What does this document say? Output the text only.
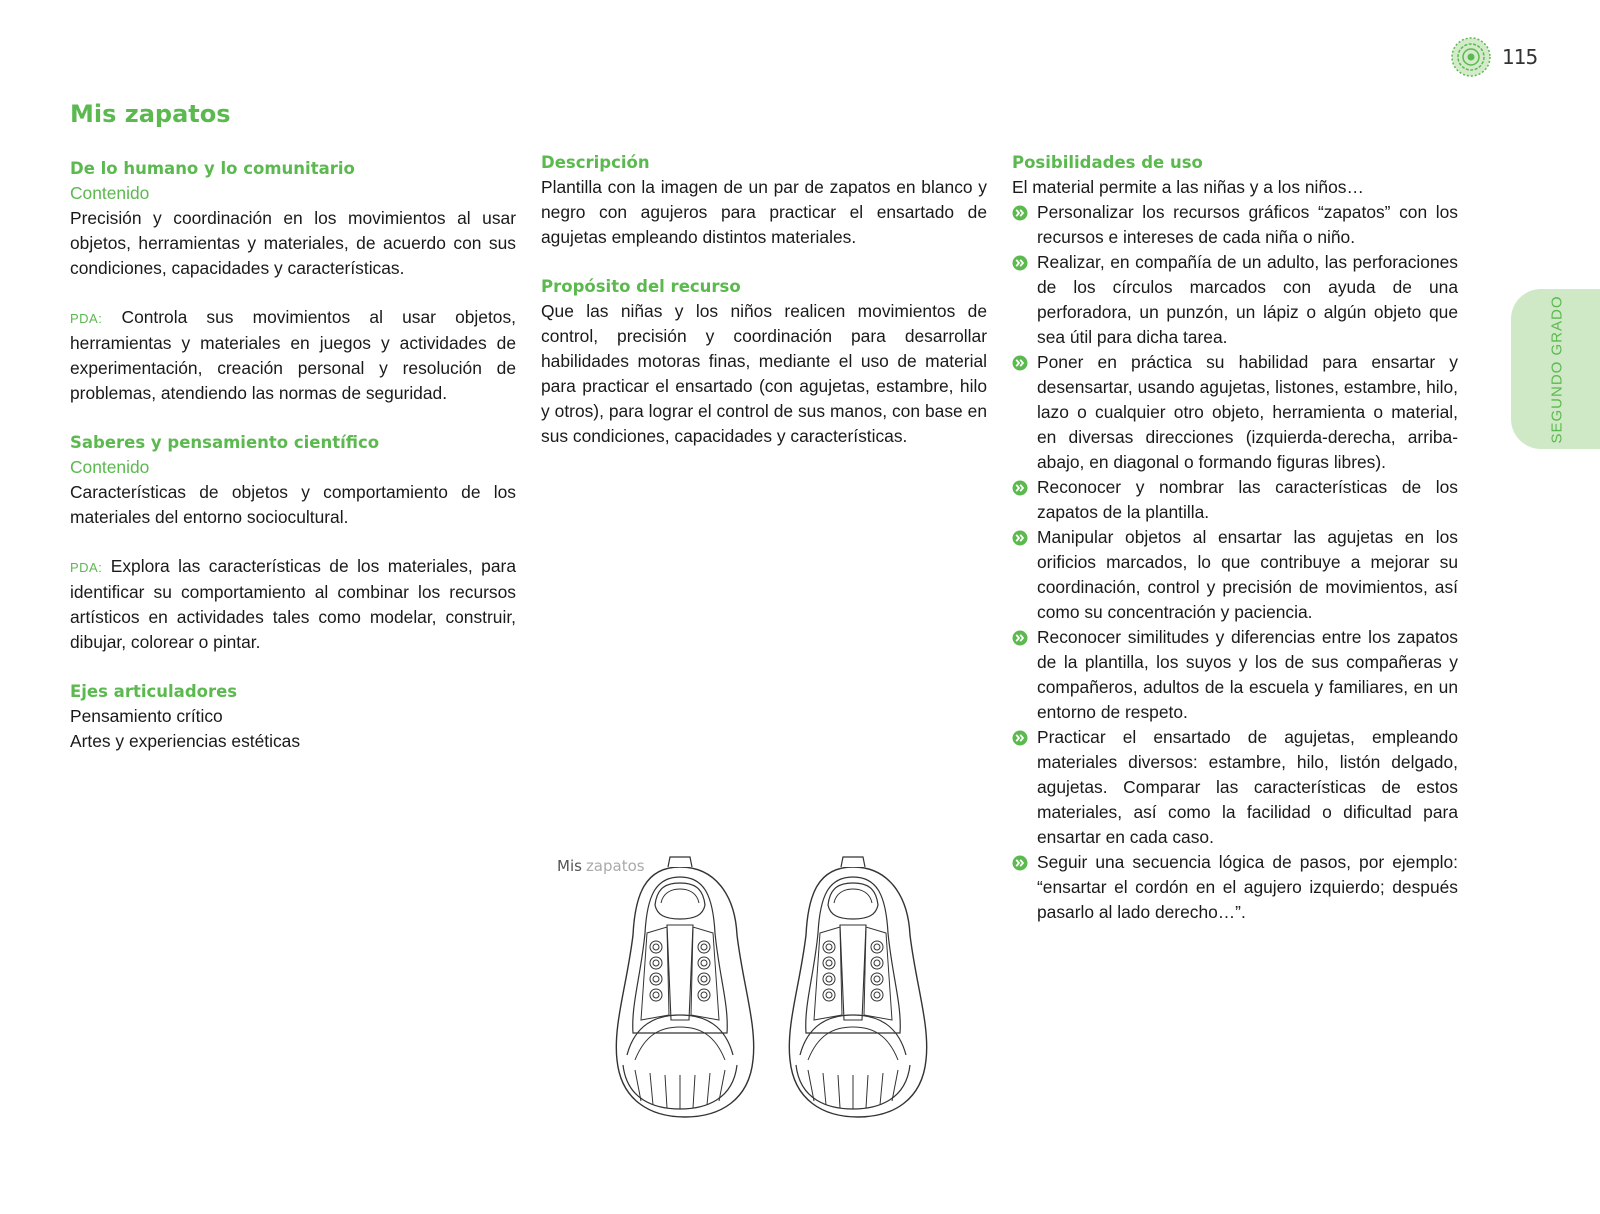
115
SEGUNDO GRADO
Mis zapatos
De lo humano y lo comunitario
Contenido

Precisión y coordinación en los movimientos al usar objetos, herramientas y materiales, de acuerdo con sus condiciones, capacidades y características.

PDA: Controla sus movimientos al usar objetos, herramientas y materiales en juegos y actividades de experimentación, creación personal y resolución de problemas, atendiendo las normas de seguridad.

Saberes y pensamiento científico
Contenido

Características de objetos y comportamiento de los materiales del entorno sociocultural.

PDA: Explora las características de los materiales, para identificar su comportamiento al combinar los recursos artísticos en actividades tales como modelar, construir, dibujar, colorear o pintar.

Ejes articuladores
Pensamiento crítico
Artes y experiencias estéticas
Descripción

Plantilla con la imagen de un par de zapatos en blanco y negro con agujeros para practicar el ensartado de agujetas empleando distintos materiales.

Propósito del recurso

Que las niñas y los niños realicen movimientos de control, precisión y coordinación para desarrollar habilidades motoras finas, mediante el uso de material para practicar el ensartado (con agujetas, estambre, hilo y otros), para lograr el control de sus manos, con base en sus condiciones, capacidades y características.

Posibilidades de uso
El material permite a las niñas y a los niños…
Personalizar los recursos gráficos “zapatos” con los recursos e intereses de cada niña o niño.
Realizar, en compañía de un adulto, las perforaciones de los círculos marcados con ayuda de una perforadora, un punzón, un lápiz o algún objeto que sea útil para dicha tarea.
Poner en práctica su habilidad para ensartar y desensartar, usando agujetas, listones, estambre, hilo, lazo o cualquier otro objeto, herramienta o material, en diversas direcciones (izquierda-derecha, arriba-abajo, en diagonal o formando figuras libres).
Reconocer y nombrar las características de los zapatos de la plantilla.
Manipular objetos al ensartar las agujetas en los orificios marcados, lo que contribuye a mejorar su coordinación, control y precisión de movimientos, así como su concentración y paciencia.
Reconocer similitudes y diferencias entre los zapatos de la plantilla, los suyos y los de sus compañeras y compañeros, adultos de la escuela y familiares, en un entorno de respeto.
Practicar el ensartado de agujetas, empleando materiales diversos: estambre, hilo, listón delgado, agujetas. Comparar las características de estos materiales, así como la facilidad o dificultad para ensartar en cada caso.
Seguir una secuencia lógica de pasos, por ejemplo: “ensartar el cordón en el agujero izquierdo; después pasarlo al lado derecho…”.
Mis zapatos
